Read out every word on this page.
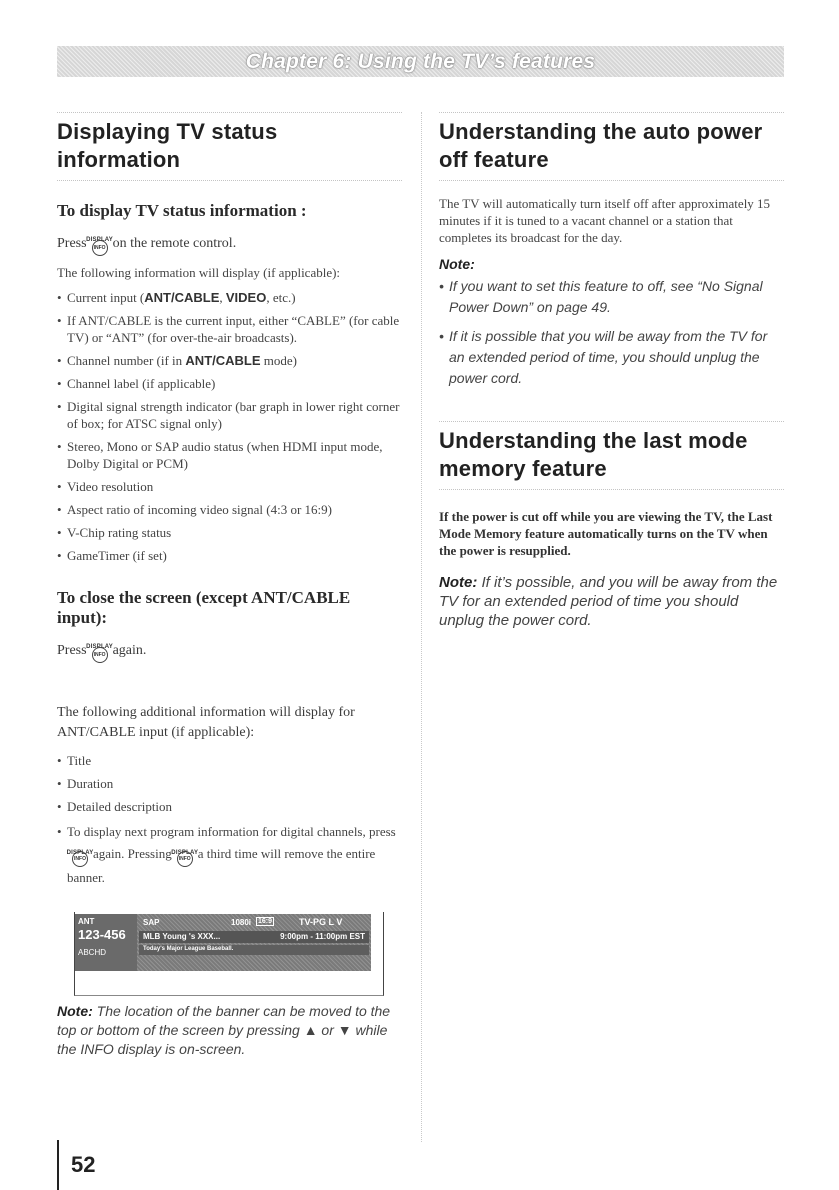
Chapter 6: Using the TV’s features
Displaying TV status information
To display TV status information :
Press DISPLAY
INFO on the remote control.
The following information will display (if applicable):
• Current input (ANT/CABLE, VIDEO, etc.)
• If ANT/CABLE is the current input, either “CABLE” (for cable TV) or “ANT” (for over-the-air broadcasts).
• Channel number (if in ANT/CABLE mode)
• Channel label (if applicable)
• Digital signal strength indicator (bar graph in lower right corner of box; for ATSC signal only)
• Stereo, Mono or SAP audio status (when HDMI input mode, Dolby Digital or PCM)
• Video resolution
• Aspect ratio of incoming video signal (4:3 or 16:9)
• V-Chip rating status
• GameTimer (if set)
To close the screen (except ANT/CABLE input):
Press DISPLAY
INFO again.
The following additional information will display for ANT/CABLE input (if applicable):
• Title
• Duration
• Detailed description
• To display next program information for digital channels, press
DISPLAY
INFO again. Pressing DISPLAY
INFO a third time will remove the entire banner.
Note: The location of the banner can be moved to the top or bottom of the screen by pressing ▲ or ▼ while the INFO display is on-screen.
ANT
123-456
ABCHD
SAP	1080i 16:9	TV-PG L V
MLB Young 's XXX...	9:00pm - 11:00pm EST
Today's Major League Baseball.
Understanding the auto power off feature
The TV will automatically turn itself off after approximately 15 minutes if it is tuned to a vacant channel or a station that completes its broadcast for the day.
Note:
• If you want to set this feature to off, see “No Signal Power Down” on page 49.
• If it is possible that you will be away from the TV for an extended period of time, you should unplug the power cord.
Understanding the last mode memory feature
If the power is cut off while you are viewing the TV, the Last Mode Memory feature automatically turns on the TV when the power is resupplied.
Note: If it’s possible, and you will be away from the TV for an extended period of time you should unplug the power cord.
52
